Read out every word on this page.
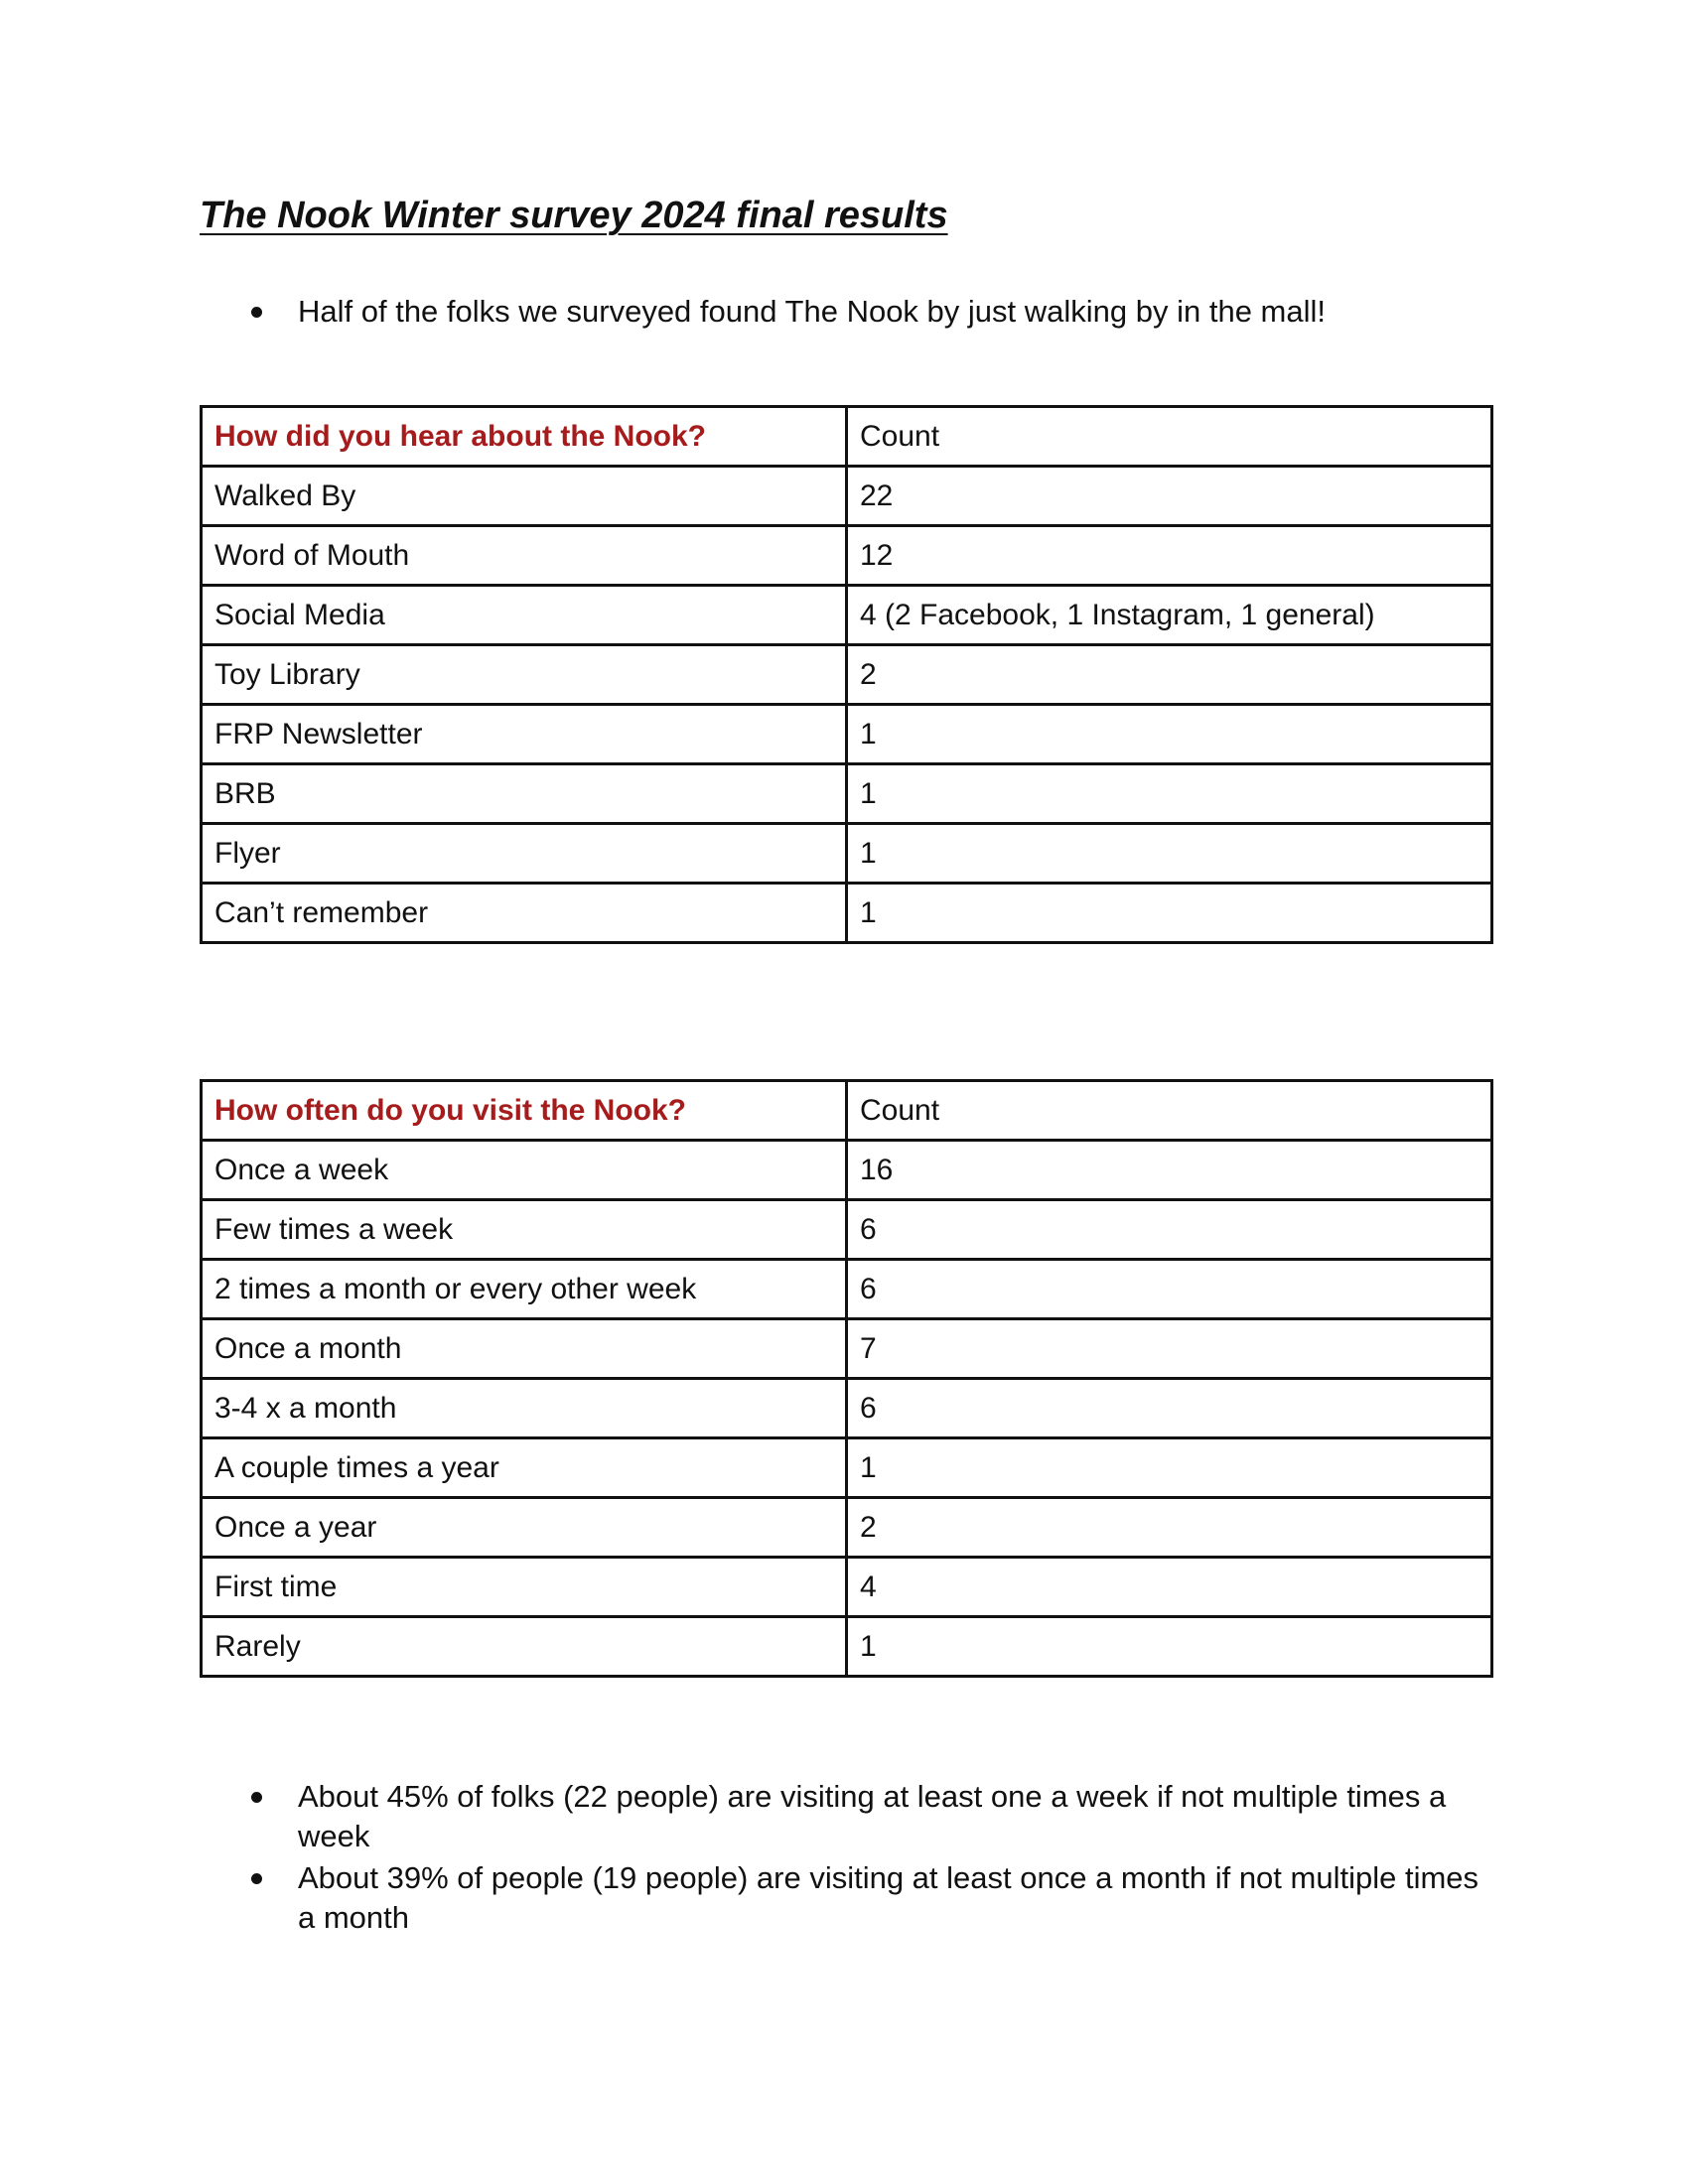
The Nook Winter survey 2024 final results
Half of the folks we surveyed found The Nook by just walking by in the mall!
How did you hear about the Nook?	Count
Walked By	22
Word of Mouth	12
Social Media	4 (2 Facebook, 1 Instagram, 1 general)
Toy Library	2
FRP Newsletter	1
BRB	1
Flyer	1
Can’t remember	1
How often do you visit the Nook?	Count
Once a week	16
Few times a week	6
2 times a month or every other week	6
Once a month	7
3-4 x a month	6
A couple times a year	1
Once a year	2
First time	4
Rarely	1
About 45% of folks (22 people) are visiting at least one a week if not multiple times a week
About 39% of people (19 people) are visiting at least once a month if not multiple times a month
